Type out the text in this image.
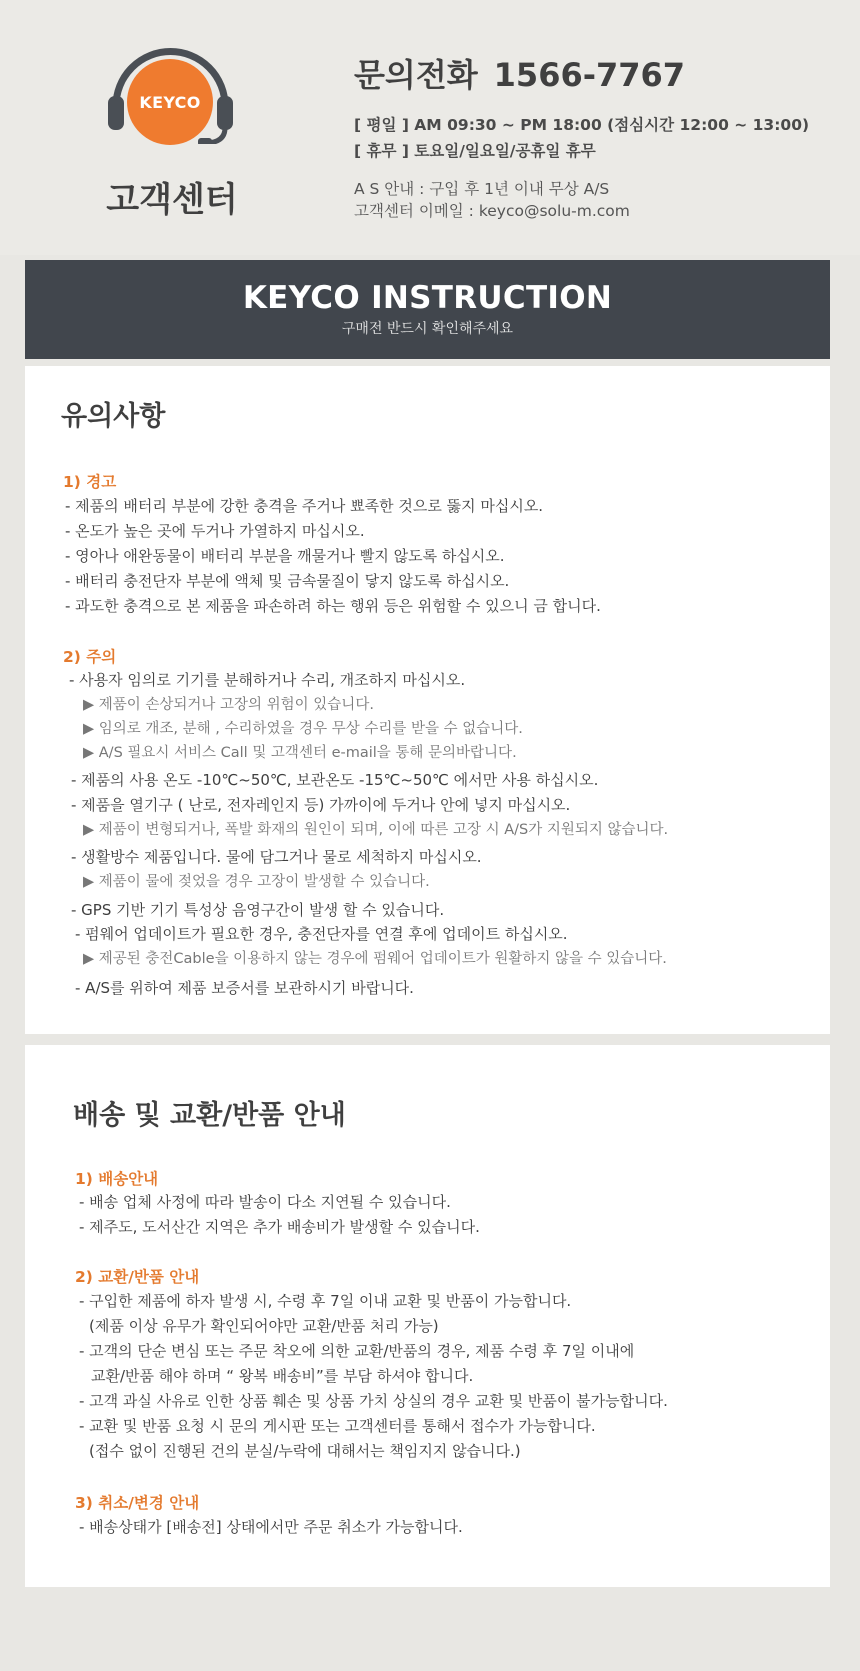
KEYCO
고객센터
문의전화 1566-7767
[ 평일 ] AM 09:30 ~ PM 18:00 (점심시간 12:00 ~ 13:00)
[ 휴무 ] 토요일/일요일/공휴일 휴무
A S 안내 : 구입 후 1년 이내 무상 A/S
고객센터 이메일 : keyco@solu-m.com
KEYCO INSTRUCTION
구매전 반드시 확인해주세요
유의사항
1) 경고
- 제품의 배터리 부분에 강한 충격을 주거나 뾰족한 것으로 뚫지 마십시오.
- 온도가 높은 곳에 두거나 가열하지 마십시오.
- 영아나 애완동물이 배터리 부분을 깨물거나 빨지 않도록 하십시오.
- 배터리 충전단자 부분에 액체 및 금속물질이 닿지 않도록 하십시오.
- 과도한 충격으로 본 제품을 파손하려 하는 행위 등은 위험할 수 있으니 금 합니다.
2) 주의
- 사용자 임의로 기기를 분해하거나 수리, 개조하지 마십시오.
▶ 제품이 손상되거나 고장의 위험이 있습니다.
▶ 임의로 개조, 분해 , 수리하였을 경우 무상 수리를 받을 수 없습니다.
▶ A/S 필요시 서비스 Call 및 고객센터 e-mail을 통해 문의바랍니다.
- 제품의 사용 온도 -10℃~50℃, 보관온도 -15℃~50℃ 에서만 사용 하십시오.
- 제품을 열기구 ( 난로, 전자레인지 등) 가까이에 두거나 안에 넣지 마십시오.
▶ 제품이 변형되거나, 폭발 화재의 원인이 되며, 이에 따른 고장 시 A/S가 지원되지 않습니다.
- 생활방수 제품입니다. 물에 담그거나 물로 세척하지 마십시오.
▶ 제품이 물에 젖었을 경우 고장이 발생할 수 있습니다.
- GPS 기반 기기 특성상 음영구간이 발생 할 수 있습니다.
- 펌웨어 업데이트가 필요한 경우, 충전단자를 연결 후에 업데이트 하십시오.
▶ 제공된 충전Cable을 이용하지 않는 경우에 펌웨어 업데이트가 원활하지 않을 수 있습니다.
- A/S를 위하여 제품 보증서를 보관하시기 바랍니다.
배송 및 교환/반품 안내
1) 배송안내
- 배송 업체 사정에 따라 발송이 다소 지연될 수 있습니다.
- 제주도, 도서산간 지역은 추가 배송비가 발생할 수 있습니다.
2) 교환/반품 안내
- 구입한 제품에 하자 발생 시, 수령 후 7일 이내 교환 및 반품이 가능합니다.
(제품 이상 유무가 확인되어야만 교환/반품 처리 가능)
- 고객의 단순 변심 또는 주문 착오에 의한 교환/반품의 경우, 제품 수령 후 7일 이내에
교환/반품 해야 하며 “ 왕복 배송비”를 부담 하셔야 합니다.
- 고객 과실 사유로 인한 상품 훼손 및 상품 가치 상실의 경우 교환 및 반품이 불가능합니다.
- 교환 및 반품 요청 시 문의 게시판 또는 고객센터를 통해서 접수가 가능합니다.
(접수 없이 진행된 건의 분실/누락에 대해서는 책임지지 않습니다.)
3) 취소/변경 안내
- 배송상태가 [배송전] 상태에서만 주문 취소가 가능합니다.
